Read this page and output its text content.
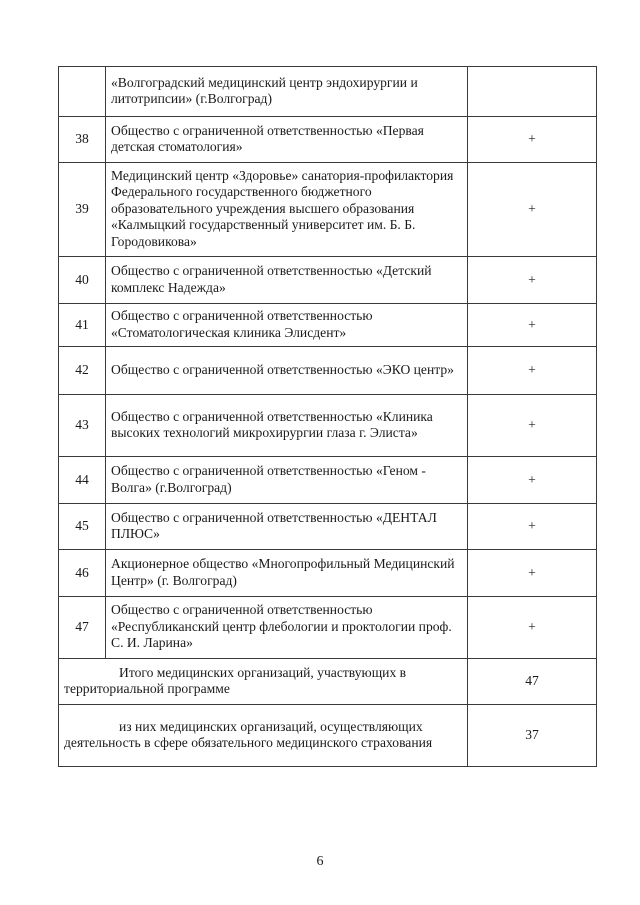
	«Волгоградский медицинский центр эндохирургии и литотрипсии» (г.Волгоград)	
38	Общество с ограниченной ответственностью «Первая детская стоматология»	+
39	Медицинский центр «Здоровье» санатория-профилактория Федерального государственного бюджетного образовательного учреждения высшего образования «Калмыцкий государственный университет им. Б. Б. Городовикова»	+
40	Общество с ограниченной ответственностью «Детский комплекс Надежда»	+
41	Общество с ограниченной ответственностью «Стоматологическая клиника Элисдент»	+
42	Общество с ограниченной ответственностью «ЭКО центр»	+
43	Общество с ограниченной ответственностью «Клиника высоких технологий микрохирургии глаза г. Элиста»	+
44	Общество с ограниченной ответственностью «Геном - Волга» (г.Волгоград)	+
45	Общество с ограниченной ответственностью «ДЕНТАЛ ПЛЮС»	+
46	Акционерное общество «Многопрофильный Медицинский Центр» (г. Волгоград)	+
47	Общество с ограниченной ответственностью «Республиканский центр флебологии и проктологии проф. С. И. Ларина»	+
Итого медицинских организаций, участвующих в территориальной программе		47
из них медицинских организаций, осуществляющих деятельность в сфере обязательного медицинского страхования		37
6
